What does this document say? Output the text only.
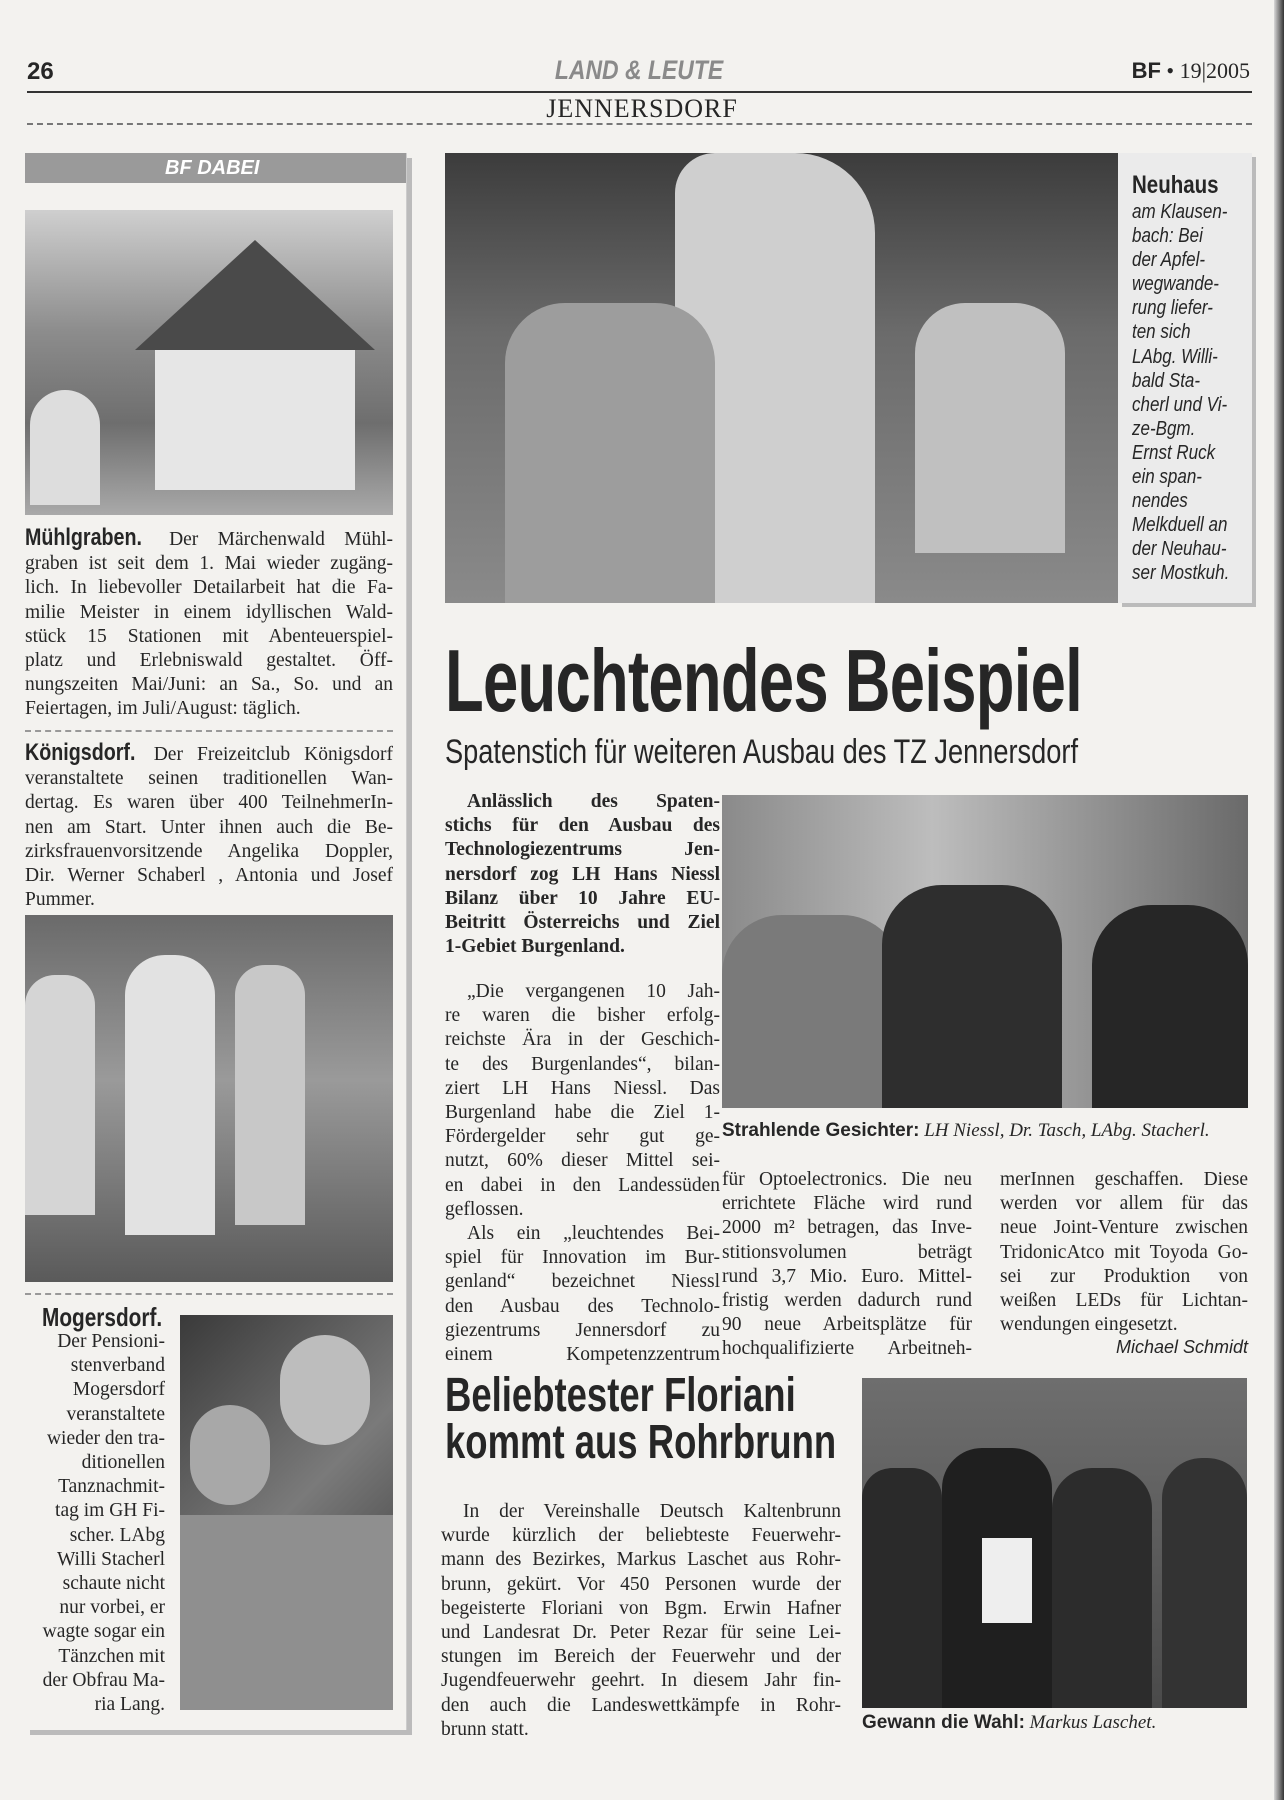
26	LAND & LEUTE	BF • 19|2005
JENNERSDORF
BF DABEI
Mühlgraben. Der Märchenwald Mühl-
graben ist seit dem 1. Mai wieder zugäng-
lich. In liebevoller Detailarbeit hat die Fa-
milie Meister in einem idyllischen Wald-
stück 15 Stationen mit Abenteuerspiel-
platz und Erlebniswald gestaltet. Öff-
nungszeiten Mai/Juni: an Sa., So. und an
Feiertagen, im Juli/August: täglich.
Königsdorf. Der Freizeitclub Königsdorf
veranstaltete seinen traditionellen Wan-
dertag. Es waren über 400 TeilnehmerIn-
nen am Start. Unter ihnen auch die Be-
zirksfrauenvorsitzende Angelika Doppler,
Dir. Werner Schaberl , Antonia und Josef
Pummer.
Mogersdorf.
Der Pensioni-
stenverband
Mogersdorf
veranstaltete
wieder den tra-
ditionellen
Tanznachmit-
tag im GH Fi-
scher. LAbg
Willi Stacherl
schaute nicht
nur vorbei, er
wagte sogar ein
Tänzchen mit
der Obfrau Ma-
ria Lang.
Neuhaus
am Klausen-
bach: Bei
der Apfel-
wegwande-
rung liefer-
ten sich
LAbg. Willi-
bald Sta-
cherl und Vi-
ze-Bgm.
Ernst Ruck
ein span-
nendes
Melkduell an
der Neuhau-
ser Mostkuh.
Leuchtendes Beispiel
Spatenstich für weiteren Ausbau des TZ Jennersdorf
Anlässlich des Spaten-
stichs für den Ausbau des
Technologiezentrums Jen-
nersdorf zog LH Hans Niessl
Bilanz über 10 Jahre EU-
Beitritt Österreichs und Ziel
1-Gebiet Burgenland.
„Die vergangenen 10 Jah-
re waren die bisher erfolg-
reichste Ära in der Geschich-
te des Burgenlandes“, bilan-
ziert LH Hans Niessl. Das
Burgenland habe die Ziel 1-
Fördergelder sehr gut ge-
nutzt, 60% dieser Mittel sei-
en dabei in den Landessüden
geflossen.
Als ein „leuchtendes Bei-
spiel für Innovation im Bur-
genland“ bezeichnet Niessl
den Ausbau des Technolo-
giezentrums Jennersdorf zu
einem Kompetenzzentrum
Strahlende Gesichter: LH Niessl, Dr. Tasch, LAbg. Stacherl.
für Optoelectronics. Die neu
errichtete Fläche wird rund
2000 m² betragen, das Inve-
stitionsvolumen beträgt
rund 3,7 Mio. Euro. Mittel-
fristig werden dadurch rund
90 neue Arbeitsplätze für
hochqualifizierte Arbeitneh-
merInnen geschaffen. Diese
werden vor allem für das
neue Joint-Venture zwischen
TridonicAtco mit Toyoda Go-
sei zur Produktion von
weißen LEDs für Lichtan-
wendungen eingesetzt.
Michael Schmidt
Beliebtester Floriani
kommt aus Rohrbrunn
In der Vereinshalle Deutsch Kaltenbrunn
wurde kürzlich der beliebteste Feuerwehr-
mann des Bezirkes, Markus Laschet aus Rohr-
brunn, gekürt. Vor 450 Personen wurde der
begeisterte Floriani von Bgm. Erwin Hafner
und Landesrat Dr. Peter Rezar für seine Lei-
stungen im Bereich der Feuerwehr und der
Jugendfeuerwehr geehrt. In diesem Jahr fin-
den auch die Landeswettkämpfe in Rohr-
brunn statt.	Gewann die Wahl: Markus Laschet.
